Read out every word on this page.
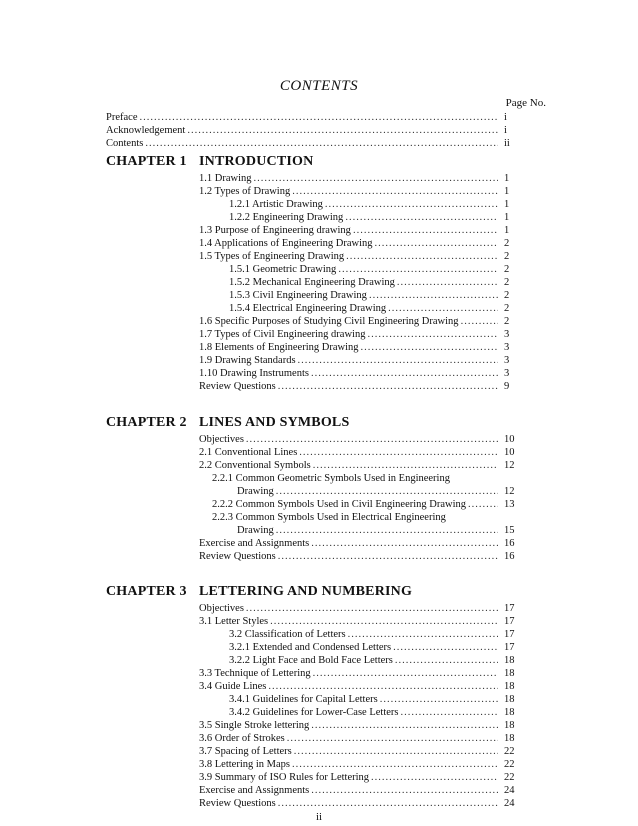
CONTENTS
Page No.
Preface .....	i
Acknowledgement .....	i
Contents .....	ii
CHAPTER 1 INTRODUCTION
1.1 Drawing .....	1
1.2 Types of Drawing .....	1
1.2.1 Artistic Drawing .....	1
1.2.2 Engineering Drawing .....	1
1.3 Purpose of Engineering drawing .....	1
1.4 Applications of Engineering Drawing .....	2
1.5 Types of Engineering Drawing .....	2
1.5.1 Geometric Drawing .....	2
1.5.2 Mechanical Engineering Drawing .....	2
1.5.3 Civil Engineering Drawing .....	2
1.5.4 Electrical Engineering Drawing .....	2
1.6 Specific Purposes of Studying Civil Engineering Drawing .....	2
1.7 Types of Civil Engineering drawing .....	3
1.8 Elements of Engineering Drawing .....	3
1.9 Drawing Standards .....	3
1.10 Drawing Instruments .....	3
Review Questions .....	9
CHAPTER 2 LINES AND SYMBOLS
Objectives .....	10
2.1 Conventional Lines .....	10
2.2 Conventional Symbols .....	12
2.2.1 Common Geometric Symbols Used in Engineering
Drawing .....	12
2.2.2 Common Symbols Used in Civil Engineering Drawing .....	13
2.2.3 Common Symbols Used in Electrical Engineering
Drawing .....	15
Exercise and Assignments .....	16
Review Questions .....	16
CHAPTER 3 LETTERING AND NUMBERING
Objectives .....	17
3.1 Letter Styles .....	17
3.2 Classification of Letters .....	17
3.2.1 Extended and Condensed Letters .....	17
3.2.2 Light Face and Bold Face Letters .....	18
3.3 Technique of Lettering .....	18
3.4 Guide Lines .....	18
3.4.1 Guidelines for Capital Letters .....	18
3.4.2 Guidelines for Lower-Case Letters .....	18
3.5 Single Stroke lettering .....	18
3.6 Order of Strokes .....	18
3.7 Spacing of Letters .....	22
3.8 Lettering in Maps .....	22
3.9 Summary of ISO Rules for Lettering .....	22
Exercise and Assignments .....	24
Review Questions .....	24
ii
